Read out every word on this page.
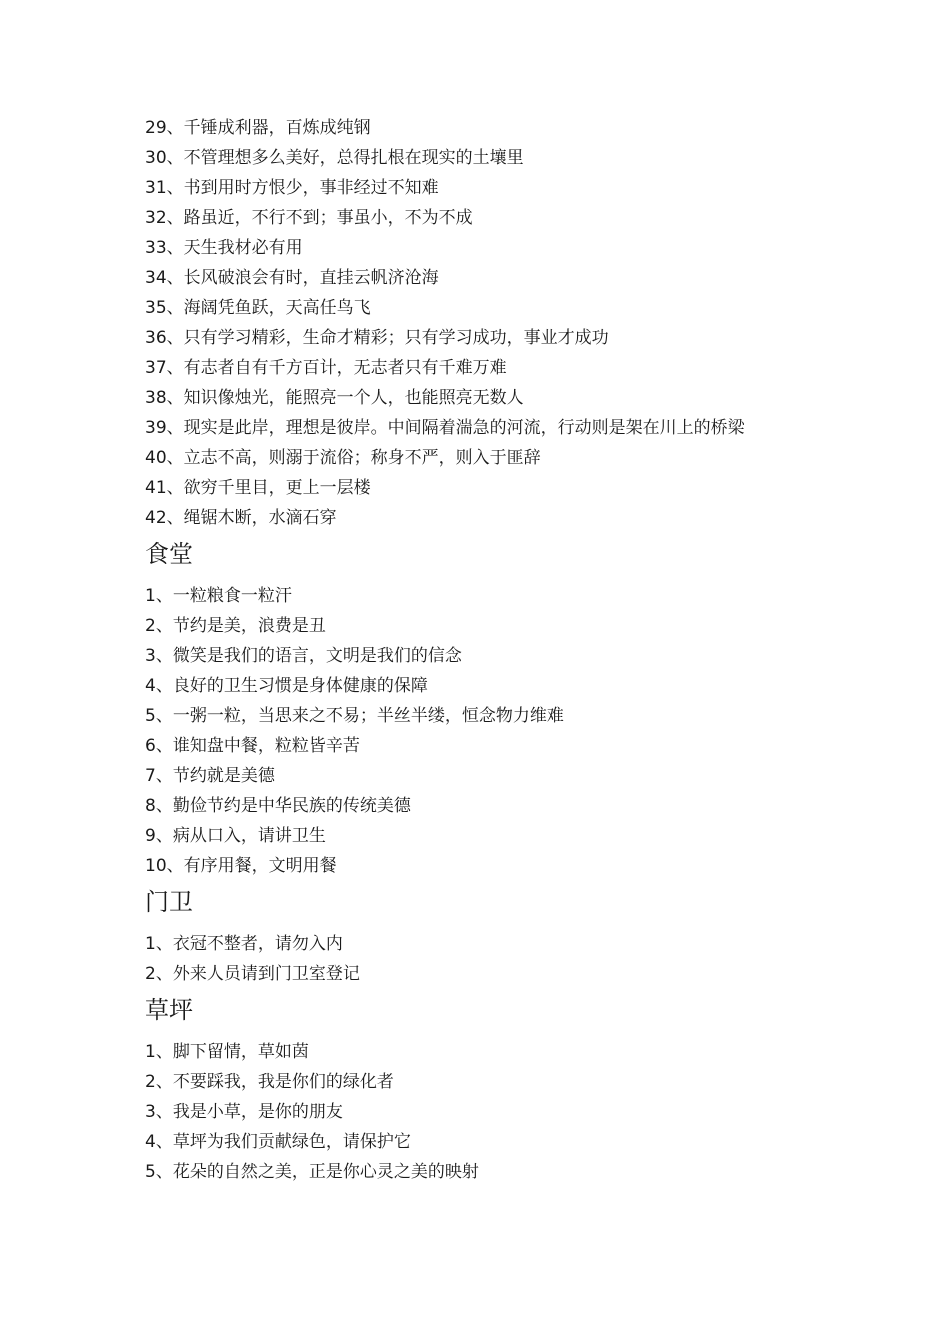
29、千锤成利器，百炼成纯钢
30、不管理想多么美好，总得扎根在现实的土壤里
31、书到用时方恨少，事非经过不知难
32、路虽近，不行不到；事虽小，不为不成
33、天生我材必有用
34、长风破浪会有时，直挂云帆济沧海
35、海阔凭鱼跃，天高任鸟飞
36、只有学习精彩，生命才精彩；只有学习成功，事业才成功
37、有志者自有千方百计，无志者只有千难万难
38、知识像烛光，能照亮一个人，也能照亮无数人
39、现实是此岸，理想是彼岸。中间隔着湍急的河流，行动则是架在川上的桥梁
40、立志不高，则溺于流俗；称身不严，则入于匪辞
41、欲穷千里目，更上一层楼
42、绳锯木断，水滴石穿
食堂
1、一粒粮食一粒汗
2、节约是美，浪费是丑
3、微笑是我们的语言，文明是我们的信念
4、良好的卫生习惯是身体健康的保障
5、一粥一粒，当思来之不易；半丝半缕，恒念物力维难
6、谁知盘中餐，粒粒皆辛苦
7、节约就是美德
8、勤俭节约是中华民族的传统美德
9、病从口入，请讲卫生
10、有序用餐，文明用餐
门卫
1、衣冠不整者，请勿入内
2、外来人员请到门卫室登记
草坪
1、脚下留情，草如茵
2、不要踩我，我是你们的绿化者
3、我是小草，是你的朋友
4、草坪为我们贡献绿色，请保护它
5、花朵的自然之美，正是你心灵之美的映射
